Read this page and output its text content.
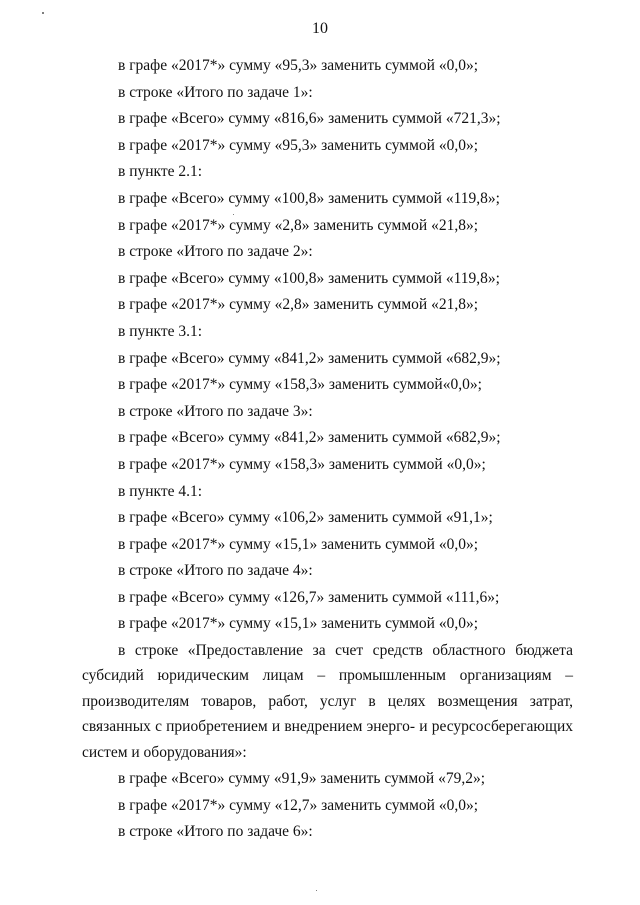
10

в графе «2017*» сумму «95,3» заменить суммой «0,0»;

в строке «Итого по задаче 1»:

в графе «Всего» сумму «816,6» заменить суммой «721,3»;

в графе «2017*» сумму «95,3» заменить суммой «0,0»;

в пункте 2.1:

в графе «Всего» сумму «100,8» заменить суммой «119,8»;

в графе «2017*» сумму «2,8» заменить суммой «21,8»;

в строке «Итого по задаче 2»:

в графе «Всего» сумму «100,8» заменить суммой «119,8»;

в графе «2017*» сумму «2,8» заменить суммой «21,8»;

в пункте 3.1:

в графе «Всего» сумму «841,2» заменить суммой «682,9»;

в графе «2017*» сумму «158,3» заменить суммой«0,0»;

в строке «Итого по задаче 3»:

в графе «Всего» сумму «841,2» заменить суммой «682,9»;

в графе «2017*» сумму «158,3» заменить суммой «0,0»;

в пункте 4.1:

в графе «Всего» сумму «106,2» заменить суммой «91,1»;

в графе «2017*» сумму «15,1» заменить суммой «0,0»;

в строке «Итого по задаче 4»:

в графе «Всего» сумму «126,7» заменить суммой «111,6»;

в графе «2017*» сумму «15,1» заменить суммой «0,0»;

в строке «Предоставление за счет средств областного бюджета субсидий юридическим лицам – промышленным организациям – производителям товаров, работ, услуг в целях возмещения затрат, связанных с приобретением и внедрением энерго- и ресурсосберегающих систем и оборудования»:

в графе «Всего» сумму «91,9» заменить суммой «79,2»;

в графе «2017*» сумму «12,7» заменить суммой «0,0»;

в строке «Итого по задаче 6»:
